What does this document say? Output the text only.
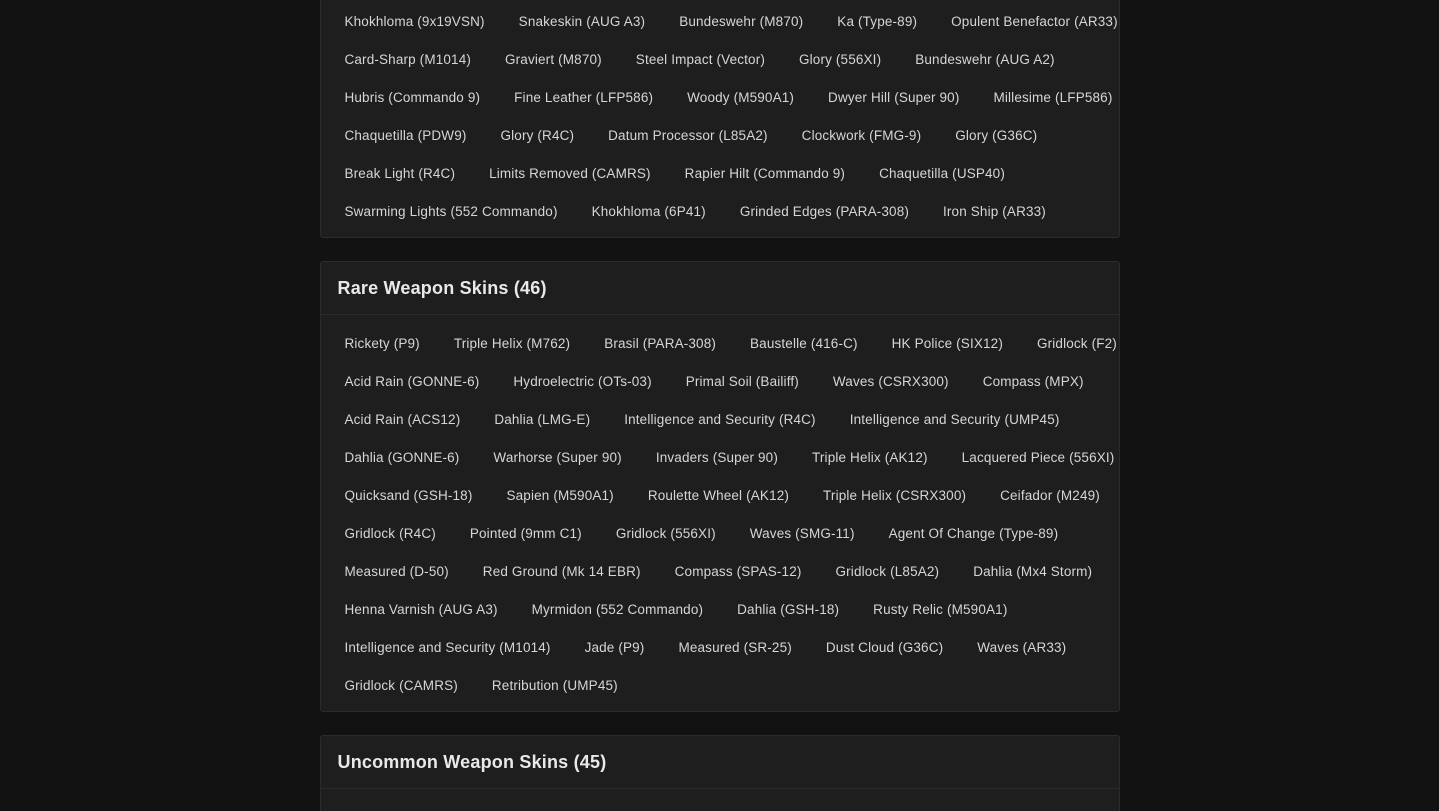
Khokhloma (9x19VSN)	Snakeskin (AUG A3)	Bundeswehr (M870)	Ka (Type-89)	Opulent Benefactor (AR33)
Card-Sharp (M1014)	Graviert (M870)	Steel Impact (Vector)	Glory (556XI)	Bundeswehr (AUG A2)
Hubris (Commando 9)	Fine Leather (LFP586)	Woody (M590A1)	Dwyer Hill (Super 90)	Millesime (LFP586)
Chaquetilla (PDW9)	Glory (R4C)	Datum Processor (L85A2)	Clockwork (FMG-9)	Glory (G36C)
Break Light (R4C)	Limits Removed (CAMRS)	Rapier Hilt (Commando 9)	Chaquetilla (USP40)
Swarming Lights (552 Commando)	Khokhloma (6P41)	Grinded Edges (PARA-308)	Iron Ship (AR33)
Rare Weapon Skins (46)
Rickety (P9)	Triple Helix (M762)	Brasil (PARA-308)	Baustelle (416-C)	HK Police (SIX12)	Gridlock (F2)
Acid Rain (GONNE-6)	Hydroelectric (OTs-03)	Primal Soil (Bailiff)	Waves (CSRX300)	Compass (MPX)
Acid Rain (ACS12)	Dahlia (LMG-E)	Intelligence and Security (R4C)	Intelligence and Security (UMP45)
Dahlia (GONNE-6)	Warhorse (Super 90)	Invaders (Super 90)	Triple Helix (AK12)	Lacquered Piece (556XI)
Quicksand (GSH-18)	Sapien (M590A1)	Roulette Wheel (AK12)	Triple Helix (CSRX300)	Ceifador (M249)
Gridlock (R4C)	Pointed (9mm C1)	Gridlock (556XI)	Waves (SMG-11)	Agent Of Change (Type-89)
Measured (D-50)	Red Ground (Mk 14 EBR)	Compass (SPAS-12)	Gridlock (L85A2)	Dahlia (Mx4 Storm)
Henna Varnish (AUG A3)	Myrmidon (552 Commando)	Dahlia (GSH-18)	Rusty Relic (M590A1)
Intelligence and Security (M1014)	Jade (P9)	Measured (SR-25)	Dust Cloud (G36C)	Waves (AR33)
Gridlock (CAMRS)	Retribution (UMP45)
Uncommon Weapon Skins (45)
